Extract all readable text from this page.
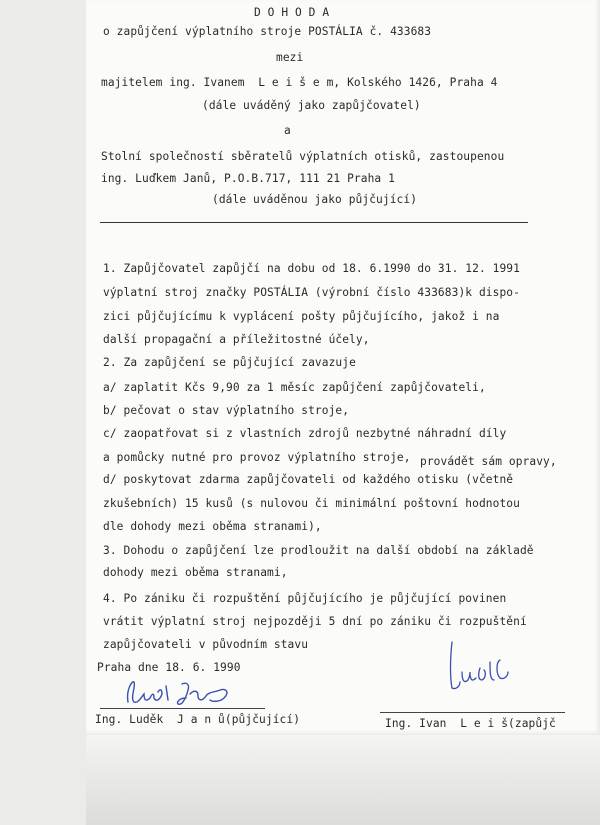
D O H O D A
o zapůjčení výplatního stroje POSTÁLIA č. 433683
mezi
majitelem ing. Ivanem  L e i š e m, Kolského 1426, Praha 4
(dále uváděný jako zapůjčovatel)
a
Stolní společností sběratelů výplatních otisků, zastoupenou
ing. Luďkem Janů, P.O.B.717, 111 21 Praha 1
(dále uváděnou jako půjčující)
1. Zapůjčovatel zapůjčí na dobu od 18. 6.1990 do 31. 12. 1991
výplatní stroj značky POSTÁLIA (výrobní číslo 433683)k dispo-
zici půjčujícímu k vyplácení pošty půjčujícího, jakož i na
další propagační a příležitostné účely,
2. Za zapůjčení se půjčující zavazuje
a/ zaplatit Kčs 9,90 za 1 měsíc zapůjčení zapůjčovateli,
b/ pečovat o stav výplatního stroje,
c/ zaopatřovat si z vlastních zdrojů nezbytné náhradní díly
a pomůcky nutné pro provoz výplatního stroje, provádět sám opravy,
d/ poskytovat zdarma zapůjčovateli od každého otisku (včetně
zkušebních) 15 kusů (s nulovou či minimální poštovní hodnotou
dle dohody mezi oběma stranami),
3. Dohodu o zapůjčení lze prodloužit na další období na základě
dohody mezi oběma stranami,
4. Po zániku či rozpuštění půjčujícího je půjčující povinen
vrátit výplatní stroj nejpozději 5 dní po zániku či rozpuštění
zapůjčovateli v původním stavu
Praha dne 18. 6. 1990
Ing. Luděk  J a n ů(půjčující)	Ing. Ivan  L e i š(zapůjč
